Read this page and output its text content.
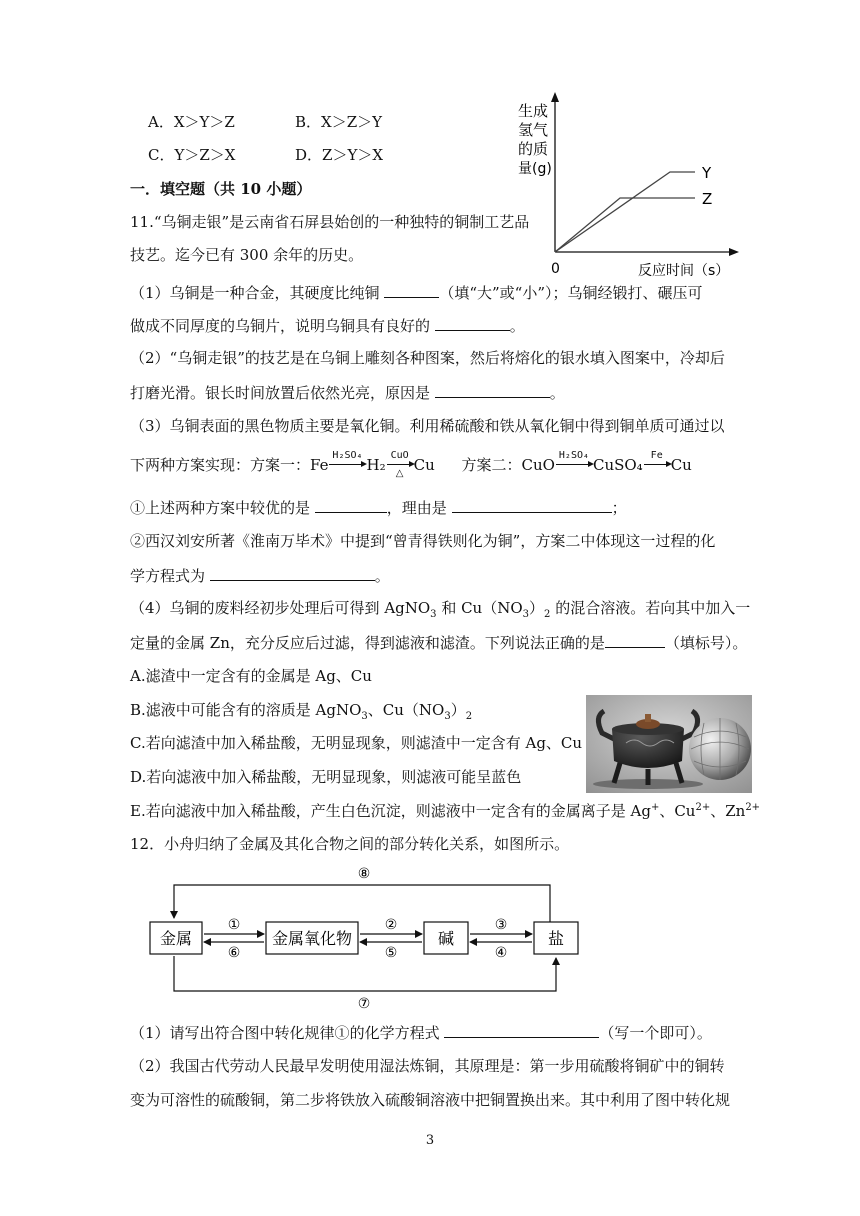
A．X＞Y＞Z	B．X＞Z＞Y
C．Y＞Z＞X	D．Z＞Y＞X
生成
氢气
的质
量(g)	Y
Z
0	反应时间（s）
一．填空题（共 10 小题）
11.“乌铜走银”是云南省石屏县始创的一种独特的铜制工艺品
技艺。迄今已有 300 余年的历史。
（1）乌铜是一种合金，其硬度比纯铜	（填“大”或“小”）；乌铜经锻打、碾压可
做成不同厚度的乌铜片，说明乌铜具有良好的	。
（2）“乌铜走银”的技艺是在乌铜上雕刻各种图案，然后将熔化的银水填入图案中，冷却后
打磨光滑。银长时间放置后依然光亮，原因是	。
（3）乌铜表面的黑色物质主要是氧化铜。利用稀硫酸和铁从氧化铜中得到铜单质可通过以
下两种方案实现：方案一：Fe
H₂SO₄
H₂
CuO
△ Cu 方案二：CuO
H₂SO₄
CuSO₄
Fe
Cu
①上述两种方案中较优的是	，理由是	；
②西汉刘安所著《淮南万毕术》中提到“曾青得铁则化为铜”，方案二中体现这一过程的化
学方程式为	。
（4）乌铜的废料经初步处理后可得到 AgNO$_3$ 和 $Cu(NO_3)_2$ 的混合溶液。若向其中加入一
定量的金属 Zn，充分反应后过滤，得到滤液和滤渣。下列说法正确的是	（填标号）。
A.滤渣中一定含有的金属是 Ag、Cu
B.滤液中可能含有的溶质是 AgNO$_3$、$Cu(NO_3)_2$
C.若向滤渣中加入稀盐酸，无明显现象，则滤渣中一定含有 Ag、Cu
D.若向滤液中加入稀盐酸，无明显现象，则滤液可能呈蓝色
E.若向滤液中加入稀盐酸，产生白色沉淀，则滤液中一定含有的金属离子是 Ag+、$Cu^{2+}$、$Zn^{2+}$
12．小舟归纳了金属及其化合物之间的部分转化关系，如图所示。
金属	金属氧化物	碱	盐
①
⑥
②
⑤
③
④
⑧
⑦
（1）请写出符合图中转化规律①的化学方程式	（写一个即可）。
（2）我国古代劳动人民最早发明使用湿法炼铜，其原理是：第一步用硫酸将铜矿中的铜转
变为可溶性的硫酸铜，第二步将铁放入硫酸铜溶液中把铜置换出来。其中利用了图中转化规
3
